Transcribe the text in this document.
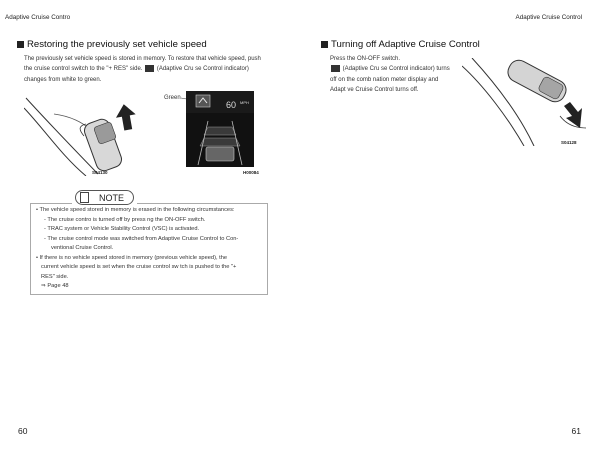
Adaptive Cruise Contro	Adaptive Cruise Control
Restoring the previously set vehicle speed
The previously set vehicle speed is stored in memory. To restore that vehicle speed, push
the cruise control switch to the "+ RES" side. (Adaptive Cru se Control indicator)
changes from white to green.
S04130
Green
60 MPH
H00084
NOTE
• The vehicle speed stored in memory is erased in the following circumstances:
- The cruise contro is turned off by press ng the ON-OFF switch.
- TRAC system or Vehicle Stability Control (VSC) is activated.
- The cruise control mode was switched from Adaptive Cruise Control to Con-
ventional Cruise Control.
• If there is no vehicle speed stored in memory (previous vehicle speed), the
current vehicle speed is set when the cruise control sw tch is pushed to the "+
RES" side.
⇒ Page 48
Turning off Adaptive Cruise Control
Press the ON-OFF switch.
(Adaptive Cru se Control indicator) turns
off on the comb nation meter display and
Adapt ve Cruise Control turns off.
S04128
60	61
